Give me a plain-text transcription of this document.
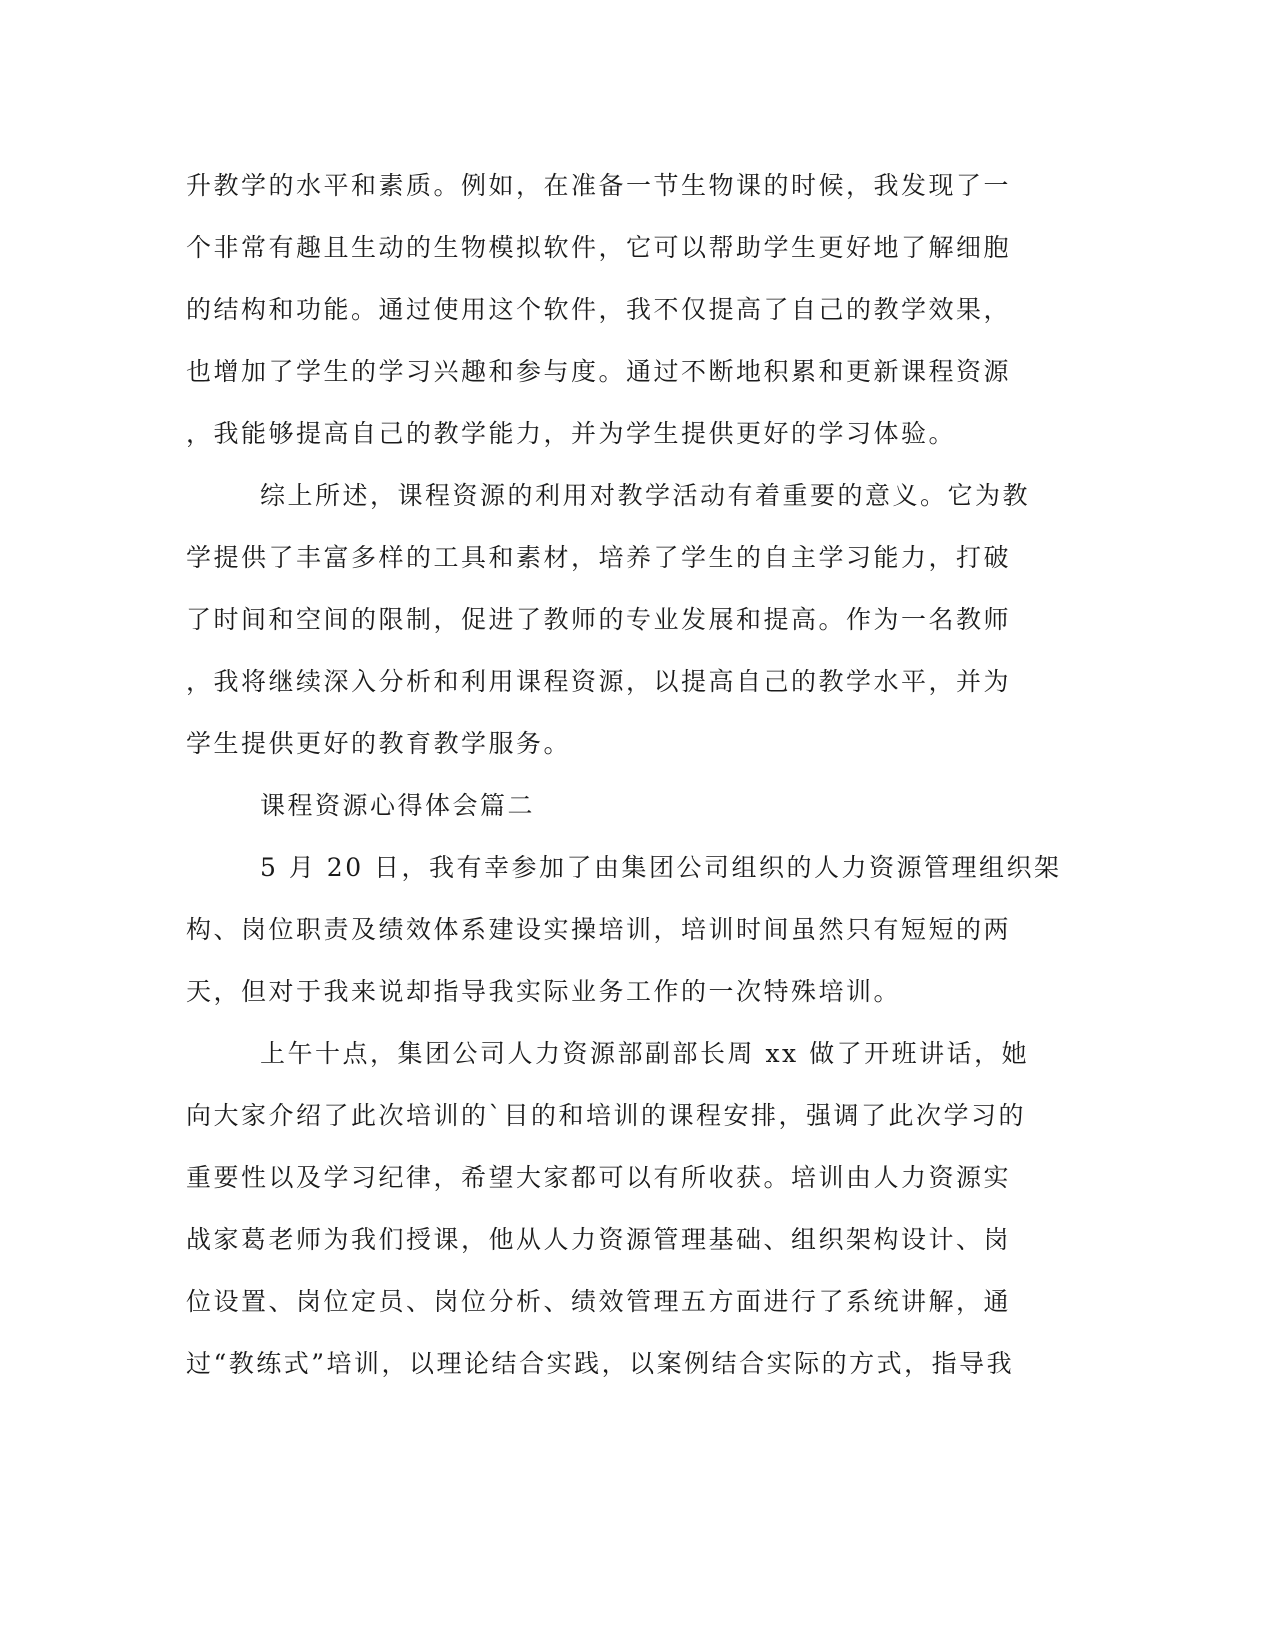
升教学的水平和素质。例如，在准备一节生物课的时候，我发现了一
个非常有趣且生动的生物模拟软件，它可以帮助学生更好地了解细胞
的结构和功能。通过使用这个软件，我不仅提高了自己的教学效果，
也增加了学生的学习兴趣和参与度。通过不断地积累和更新课程资源
，我能够提高自己的教学能力，并为学生提供更好的学习体验。
综上所述，课程资源的利用对教学活动有着重要的意义。它为教
学提供了丰富多样的工具和素材，培养了学生的自主学习能力，打破
了时间和空间的限制，促进了教师的专业发展和提高。作为一名教师
，我将继续深入分析和利用课程资源，以提高自己的教学水平，并为
学生提供更好的教育教学服务。
课程资源心得体会篇二
5 月 20 日，我有幸参加了由集团公司组织的人力资源管理组织架
构、岗位职责及绩效体系建设实操培训，培训时间虽然只有短短的两
天，但对于我来说却指导我实际业务工作的一次特殊培训。
上午十点，集团公司人力资源部副部长周 xx 做了开班讲话，她
向大家介绍了此次培训的`目的和培训的课程安排，强调了此次学习的
重要性以及学习纪律，希望大家都可以有所收获。培训由人力资源实
战家葛老师为我们授课，他从人力资源管理基础、组织架构设计、岗
位设置、岗位定员、岗位分析、绩效管理五方面进行了系统讲解，通
过“教练式”培训，以理论结合实践，以案例结合实际的方式，指导我
